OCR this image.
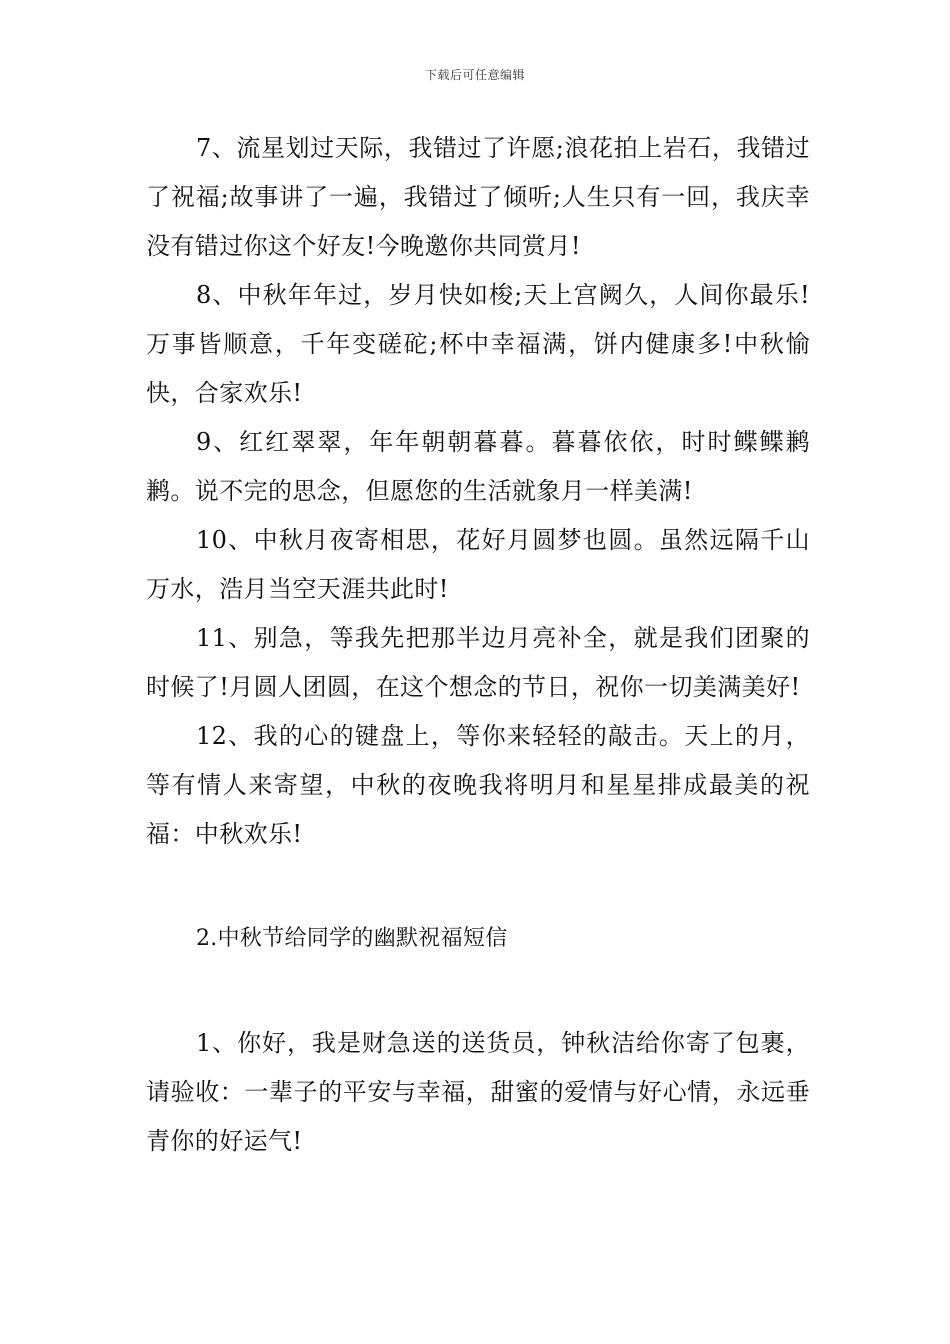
下载后可任意编辑

7、流星划过天际，我错过了许愿;浪花拍上岩石，我错过了祝福;故事讲了一遍，我错过了倾听;人生只有一回，我庆幸没有错过你这个好友!今晚邀你共同赏月!

8、中秋年年过，岁月快如梭;天上宫阙久，人间你最乐!万事皆顺意，千年变磋砣;杯中幸福满，饼内健康多!中秋愉快，合家欢乐!

9、红红翠翠，年年朝朝暮暮。暮暮依依，时时鲽鲽鹣鹣。说不完的思念，但愿您的生活就象月一样美满!

10、中秋月夜寄相思，花好月圆梦也圆。虽然远隔千山万水，浩月当空天涯共此时!

11、别急，等我先把那半边月亮补全，就是我们团聚的时候了!月圆人团圆，在这个想念的节日，祝你一切美满美好!

12、我的心的键盘上，等你来轻轻的敲击。天上的月，等有情人来寄望，中秋的夜晚我将明月和星星排成最美的祝福：中秋欢乐!

2.中秋节给同学的幽默祝福短信

1、你好，我是财急送的送货员，钟秋洁给你寄了包裹，请验收：一辈子的平安与幸福，甜蜜的爱情与好心情，永远垂青你的好运气!
